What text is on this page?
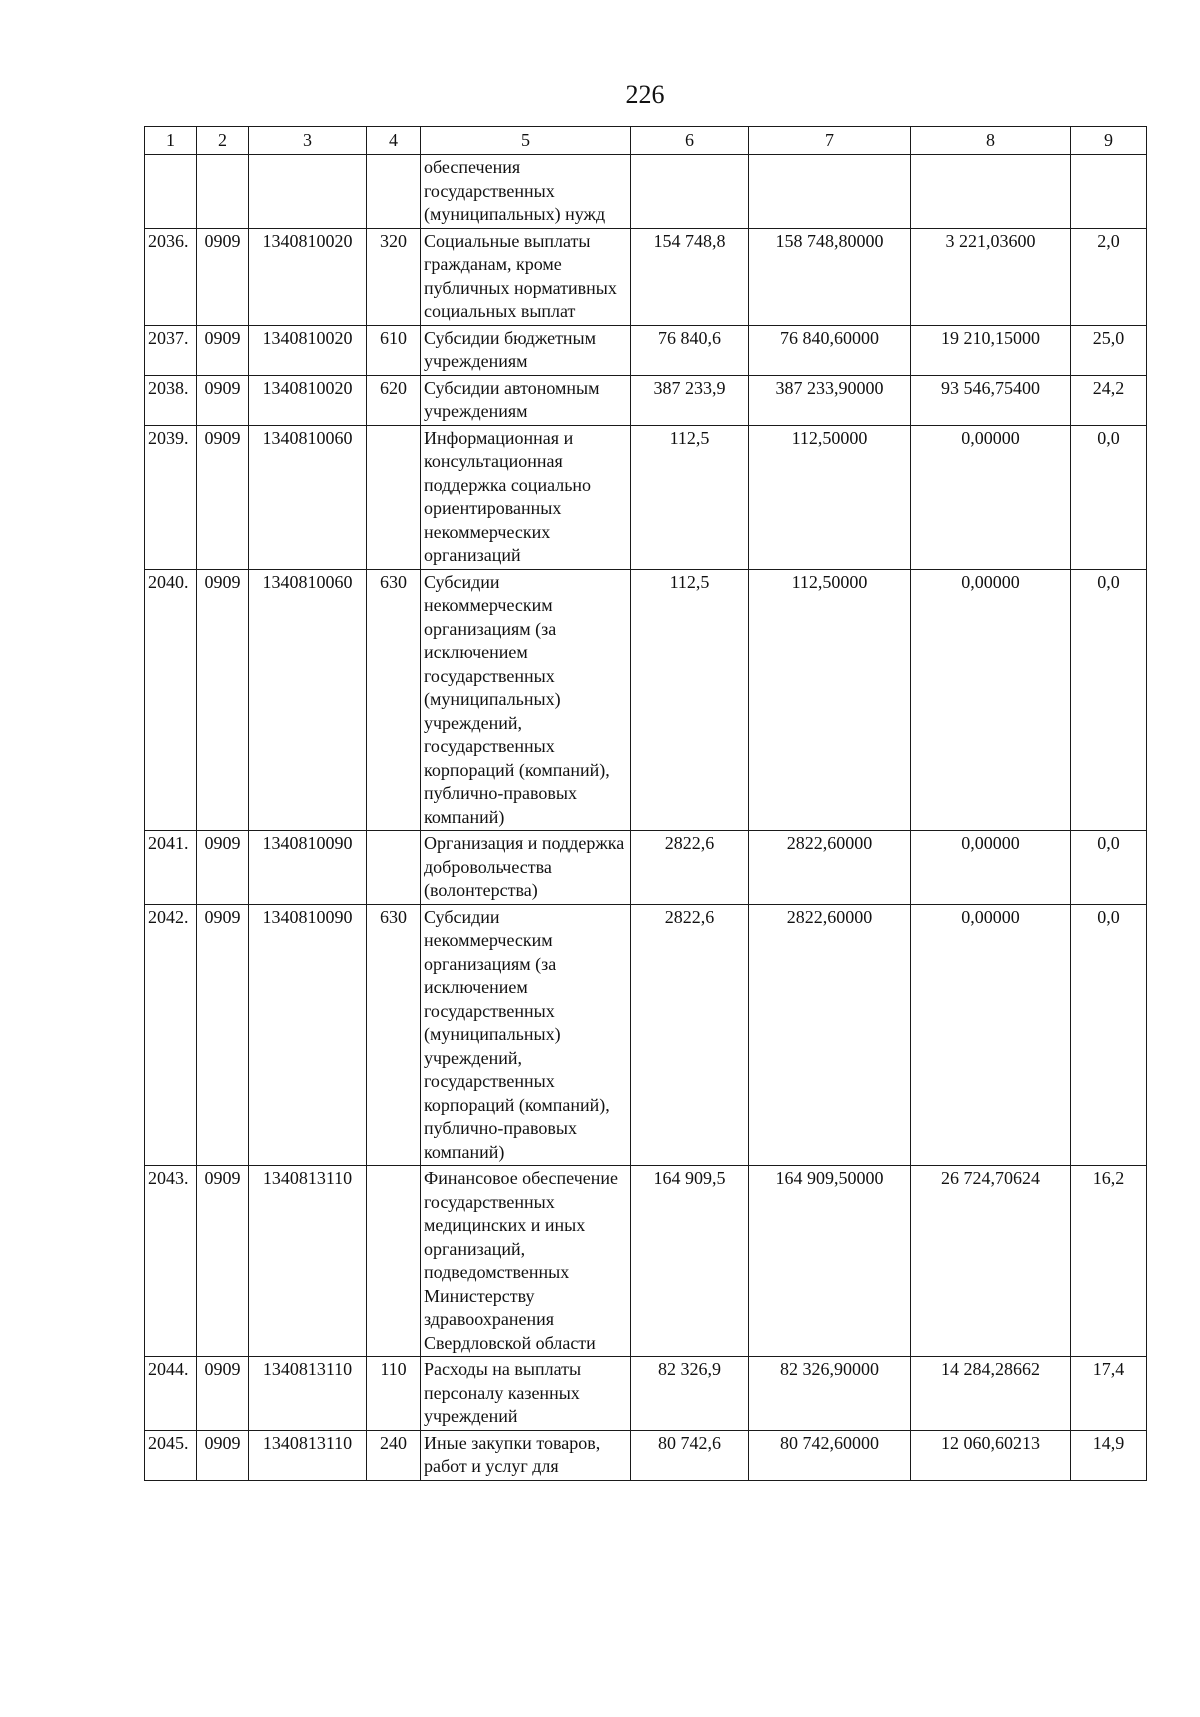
226
1	2	3	4	5	6	7	8	9
				обеспечения государственных (муниципальных) нужд				
2036.	0909	1340810020	320	Социальные выплаты гражданам, кроме публичных нормативных социальных выплат	154 748,8	158 748,80000	3 221,03600	2,0
2037.	0909	1340810020	610	Субсидии бюджетным учреждениям	76 840,6	76 840,60000	19 210,15000	25,0
2038.	0909	1340810020	620	Субсидии автономным учреждениям	387 233,9	387 233,90000	93 546,75400	24,2
2039.	0909	1340810060		Информационная и консультационная поддержка социально ориентированных некоммерческих организаций	112,5	112,50000	0,00000	0,0
2040.	0909	1340810060	630	Субсидии некоммерческим организациям (за исключением государственных (муниципальных) учреждений, государственных корпораций (компаний), публично-правовых компаний)	112,5	112,50000	0,00000	0,0
2041.	0909	1340810090		Организация и поддержка добровольчества (волонтерства)	2822,6	2822,60000	0,00000	0,0
2042.	0909	1340810090	630	Субсидии некоммерческим организациям (за исключением государственных (муниципальных) учреждений, государственных корпораций (компаний), публично-правовых компаний)	2822,6	2822,60000	0,00000	0,0
2043.	0909	1340813110		Финансовое обеспечение государственных медицинских и иных организаций, подведомственных Министерству здравоохранения Свердловской области	164 909,5	164 909,50000	26 724,70624	16,2
2044.	0909	1340813110	110	Расходы на выплаты персоналу казенных учреждений	82 326,9	82 326,90000	14 284,28662	17,4
2045.	0909	1340813110	240	Иные закупки товаров, работ и услуг для	80 742,6	80 742,60000	12 060,60213	14,9
